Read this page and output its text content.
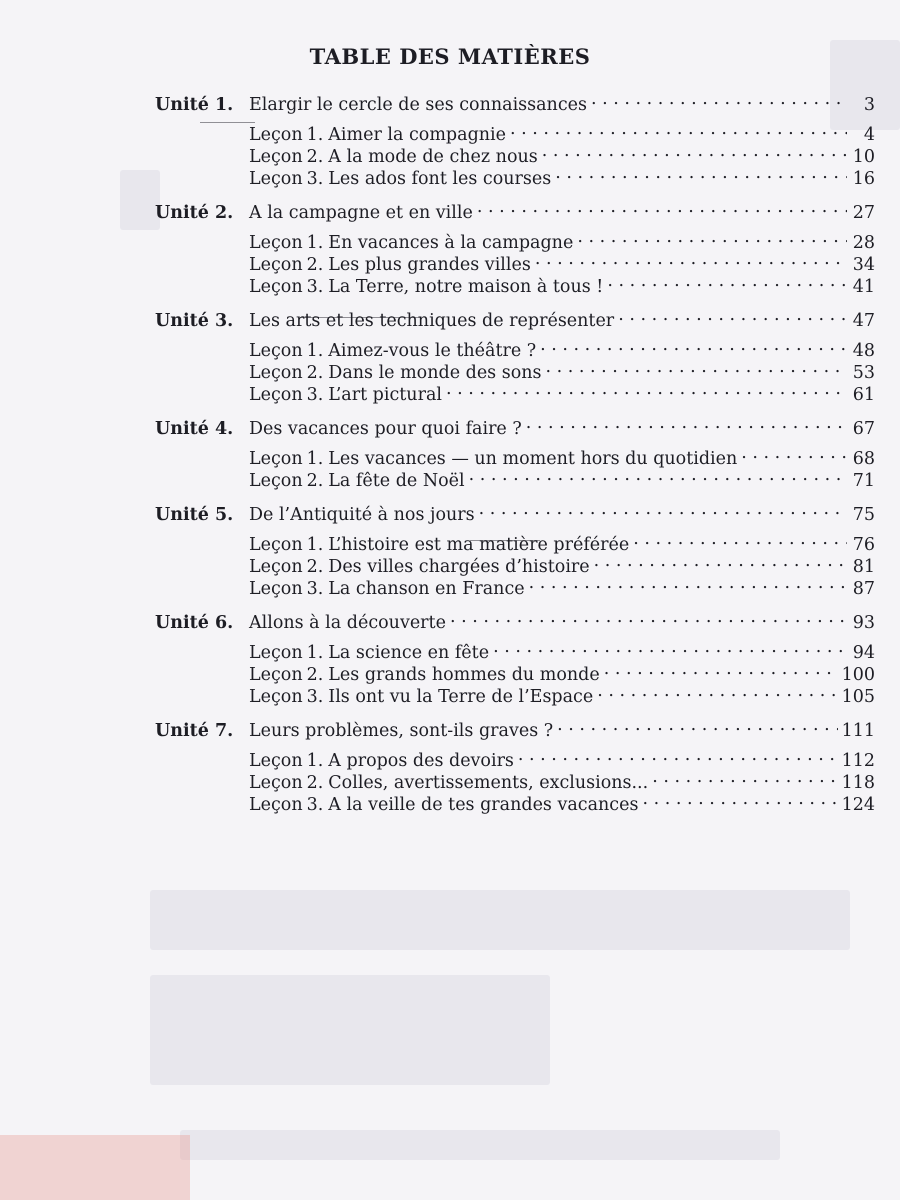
TABLE DES MATIÈRES
Unité 1. Elargir le cercle de ses connaissances . . .	3
Leçon 1. Aimer la compagnie . . .	4
Leçon 2. A la mode de chez nous . . .	10
Leçon 3. Les ados font les courses . . .	16
Unité 2. A la campagne et en ville . . .	27
Leçon 1. En vacances à la campagne . . .	28
Leçon 2. Les plus grandes villes . . .	34
Leçon 3. La Terre, notre maison à tous ! . . .	41
Unité 3. Les arts et les techniques de représenter . . .	47
Leçon 1. Aimez-vous le théâtre ? . . .	48
Leçon 2. Dans le monde des sons . . .	53
Leçon 3. L’art pictural . . .	61
Unité 4. Des vacances pour quoi faire ? . . .	67
Leçon 1. Les vacances — un moment hors du quotidien . . .	68
Leçon 2. La fête de Noël . . .	71
Unité 5. De l’Antiquité à nos jours . . .	75
Leçon 1. L’histoire est ma matière préférée . . .	76
Leçon 2. Des villes chargées d’histoire . . .	81
Leçon 3. La chanson en France . . .	87
Unité 6. Allons à la découverte . . .	93
Leçon 1. La science en fête . . .	94
Leçon 2. Les grands hommes du monde . . .	100
Leçon 3. Ils ont vu la Terre de l’Espace . . .	105
Unité 7. Leurs problèmes, sont-ils graves ? . . .	111
Leçon 1. A propos des devoirs . . .	112
Leçon 2. Colles, avertissements, exclusions... . . .	118
Leçon 3. A la veille de tes grandes vacances . . .	124
